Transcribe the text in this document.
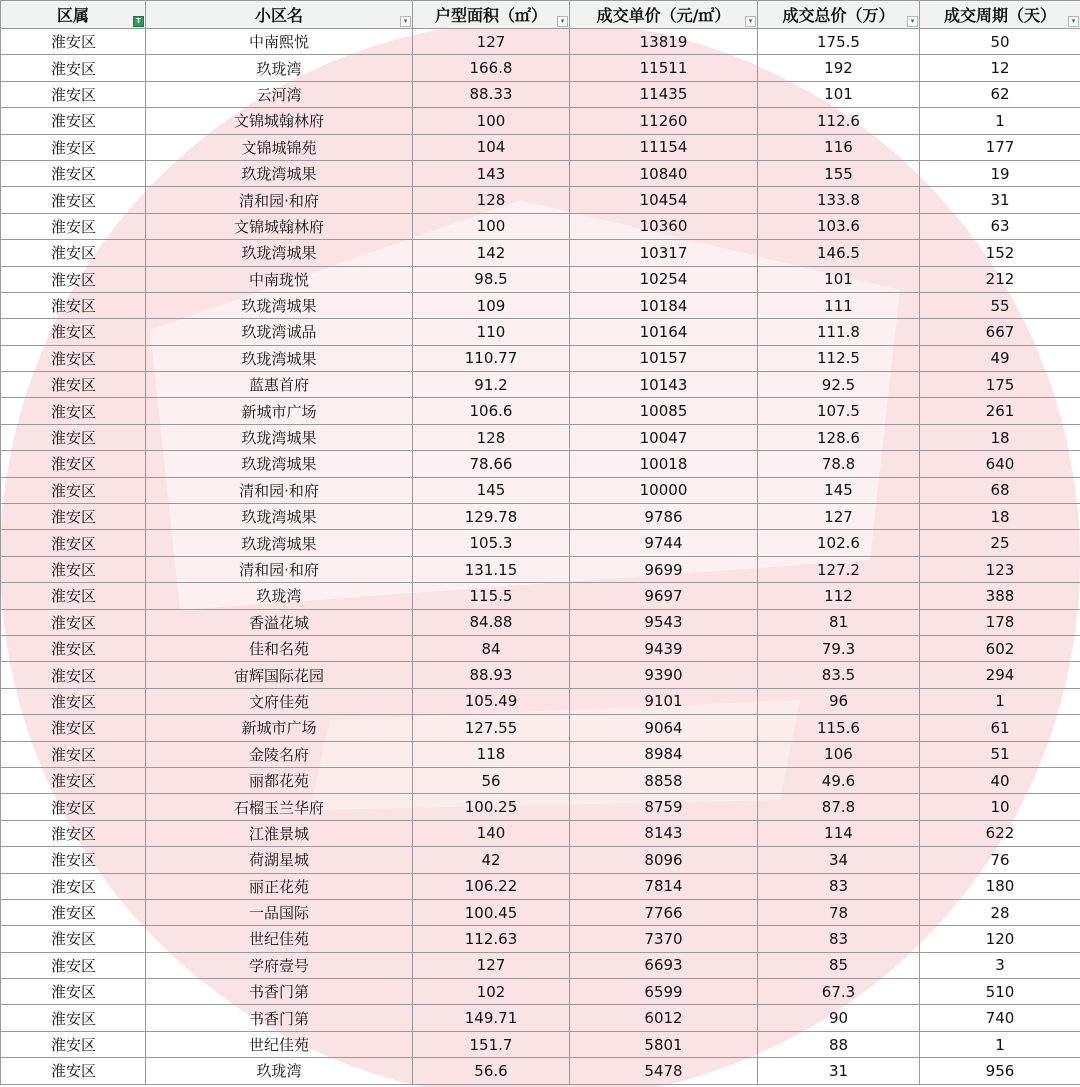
区属 T	小区名 ▾	户型面积（㎡） ▾	成交单价（元/㎡） ▾	成交总价（万） ▾	成交周期（天） ▾

淮安区	中南熙悦	127	13819	175.5	50
淮安区	玖珑湾	166.8	11511	192	12
淮安区	云河湾	88.33	11435	101	62
淮安区	文锦城翰林府	100	11260	112.6	1
淮安区	文锦城锦苑	104	11154	116	177
淮安区	玖珑湾城果	143	10840	155	19
淮安区	清和园·和府	128	10454	133.8	31
淮安区	文锦城翰林府	100	10360	103.6	63
淮安区	玖珑湾城果	142	10317	146.5	152
淮安区	中南珑悦	98.5	10254	101	212
淮安区	玖珑湾城果	109	10184	111	55
淮安区	玖珑湾诚品	110	10164	111.8	667
淮安区	玖珑湾城果	110.77	10157	112.5	49
淮安区	蓝惠首府	91.2	10143	92.5	175
淮安区	新城市广场	106.6	10085	107.5	261
淮安区	玖珑湾城果	128	10047	128.6	18
淮安区	玖珑湾城果	78.66	10018	78.8	640
淮安区	清和园·和府	145	10000	145	68
淮安区	玖珑湾城果	129.78	9786	127	18
淮安区	玖珑湾城果	105.3	9744	102.6	25
淮安区	清和园·和府	131.15	9699	127.2	123
淮安区	玖珑湾	115.5	9697	112	388
淮安区	香溢花城	84.88	9543	81	178
淮安区	佳和名苑	84	9439	79.3	602
淮安区	宙辉国际花园	88.93	9390	83.5	294
淮安区	文府佳苑	105.49	9101	96	1
淮安区	新城市广场	127.55	9064	115.6	61
淮安区	金陵名府	118	8984	106	51
淮安区	丽都花苑	56	8858	49.6	40
淮安区	石榴玉兰华府	100.25	8759	87.8	10
淮安区	江淮景城	140	8143	114	622
淮安区	荷湖星城	42	8096	34	76
淮安区	丽正花苑	106.22	7814	83	180
淮安区	一品国际	100.45	7766	78	28
淮安区	世纪佳苑	112.63	7370	83	120
淮安区	学府壹号	127	6693	85	3
淮安区	书香门第	102	6599	67.3	510
淮安区	书香门第	149.71	6012	90	740
淮安区	世纪佳苑	151.7	5801	88	1
淮安区	玖珑湾	56.6	5478	31	956
